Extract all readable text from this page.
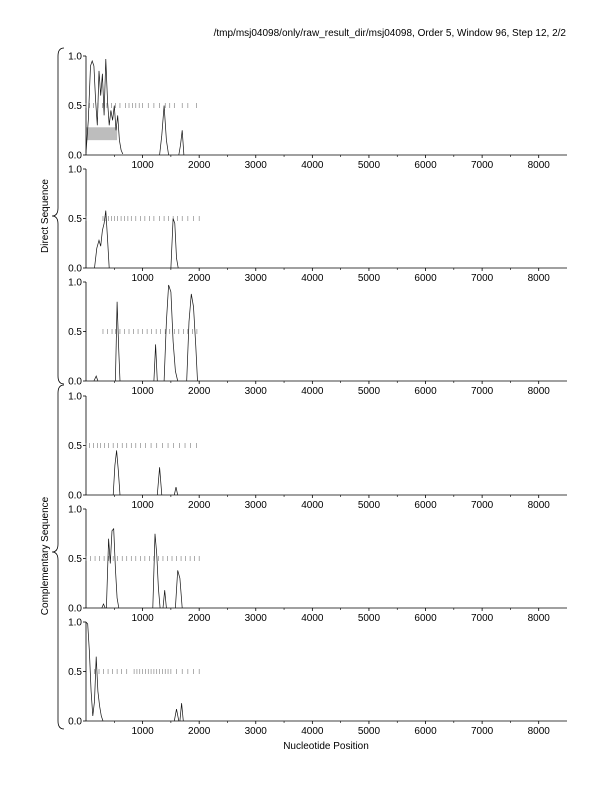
/tmp/msj04098/only/raw_result_dir/msj04098, Order 5, Window 96, Step 12, 2/2
0.0
0.5
1.0
1000	2000	3000	4000	5000	6000	7000	8000
0.0
0.5
1.0
1000	2000	3000	4000	5000	6000	7000	8000
0.0
0.5
1.0
1000	2000	3000	4000	5000	6000	7000	8000
0.0
0.5
1.0
1000	2000	3000	4000	5000	6000	7000	8000
0.0
0.5
1.0
1000	2000	3000	4000	5000	6000	7000	8000
0.0
0.5
1.0
1000	2000	3000	4000	5000	6000	7000	8000
Direct Sequence
Complementary Sequence
Nucleotide Position
